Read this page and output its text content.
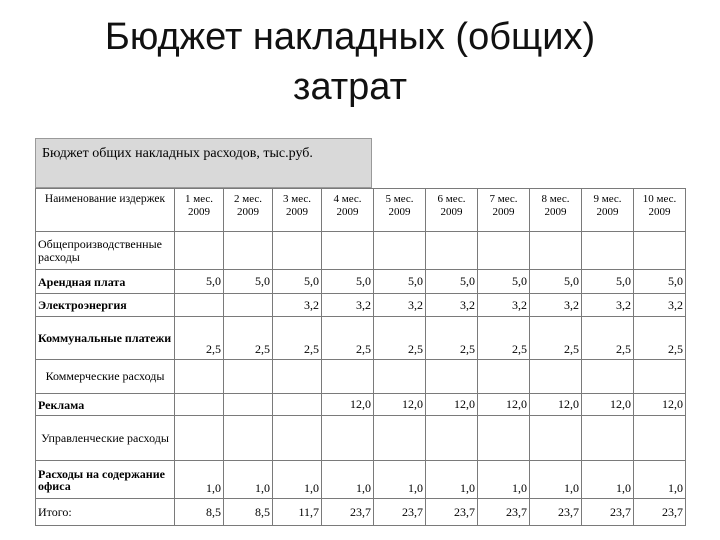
Бюджет накладных (общих)
затрат
Бюджет общих накладных расходов, тыс.руб.
Наименование издержек	1 мес. 2009	2 мес. 2009	3 мес. 2009	4 мес. 2009	5 мес. 2009	6 мес. 2009	7 мес. 2009	8 мес. 2009	9 мес. 2009	10 мес. 2009
Общепроизводственные расходы										
Арендная плата	5,0	5,0	5,0	5,0	5,0	5,0	5,0	5,0	5,0	5,0
Электроэнергия			3,2	3,2	3,2	3,2	3,2	3,2	3,2	3,2
Коммунальные платежи	2,5	2,5	2,5	2,5	2,5	2,5	2,5	2,5	2,5	2,5
Коммерческие расходы										
Реклама				12,0	12,0	12,0	12,0	12,0	12,0	12,0
Управленческие расходы										
Расходы на содержание офиса	1,0	1,0	1,0	1,0	1,0	1,0	1,0	1,0	1,0	1,0
Итого:	8,5	8,5	11,7	23,7	23,7	23,7	23,7	23,7	23,7	23,7
